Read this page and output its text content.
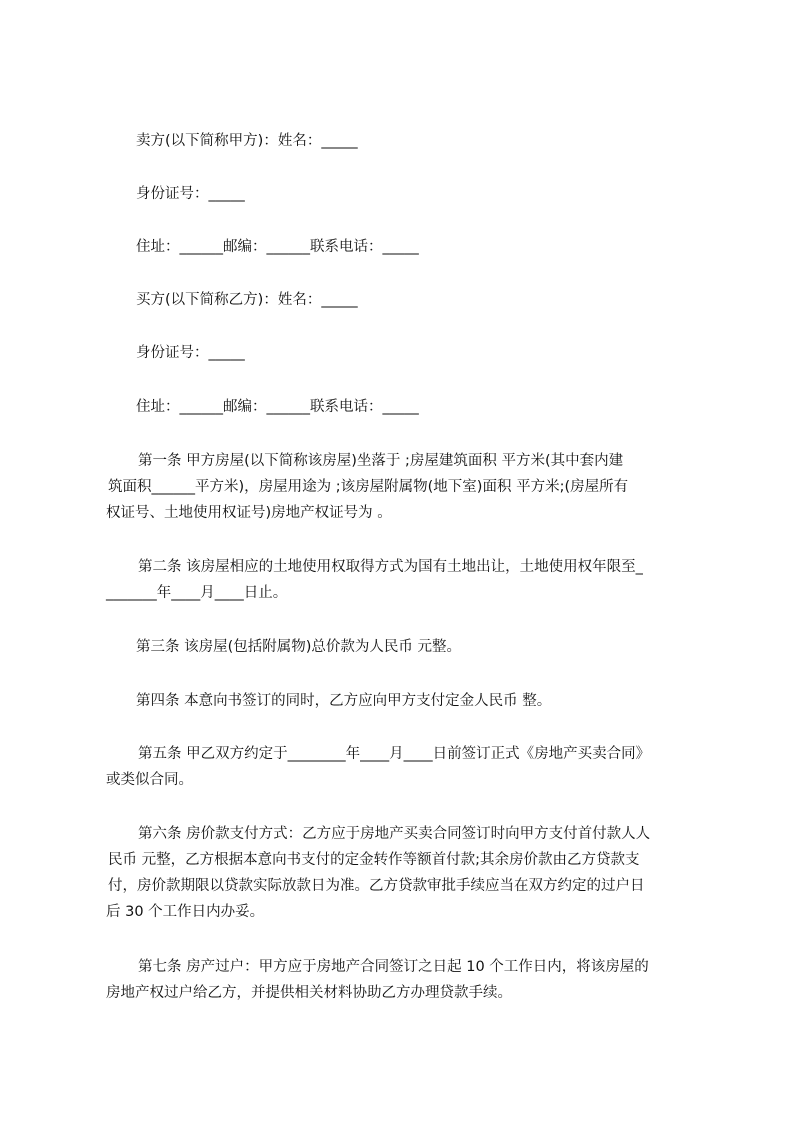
卖方(以下简称甲方)：姓名：_____

身份证号：_____

住址：______邮编：______联系电话：_____

买方(以下简称乙方)：姓名：_____

身份证号：_____

住址：______邮编：______联系电话：_____

第一条 甲方房屋(以下简称该房屋)坐落于 ;房屋建筑面积 平方米(其中套内建
筑面积______平方米)，房屋用途为 ;该房屋附属物(地下室)面积 平方米;(房屋所有
权证号、土地使用权证号)房地产权证号为 。

第二条 该房屋相应的土地使用权取得方式为国有土地出让，土地使用权年限至_
_______年____月____日止。

第三条 该房屋(包括附属物)总价款为人民币 元整。

第四条 本意向书签订的同时，乙方应向甲方支付定金人民币 整。

第五条 甲乙双方约定于________年____月____日前签订正式《房地产买卖合同》
或类似合同。

第六条 房价款支付方式：乙方应于房地产买卖合同签订时向甲方支付首付款人人
民币 元整，乙方根据本意向书支付的定金转作等额首付款;其余房价款由乙方贷款支
付，房价款期限以贷款实际放款日为准。乙方贷款审批手续应当在双方约定的过户日
后 30 个工作日内办妥。

第七条 房产过户：甲方应于房地产合同签订之日起 10 个工作日内，将该房屋的
房地产权过户给乙方，并提供相关材料协助乙方办理贷款手续。
